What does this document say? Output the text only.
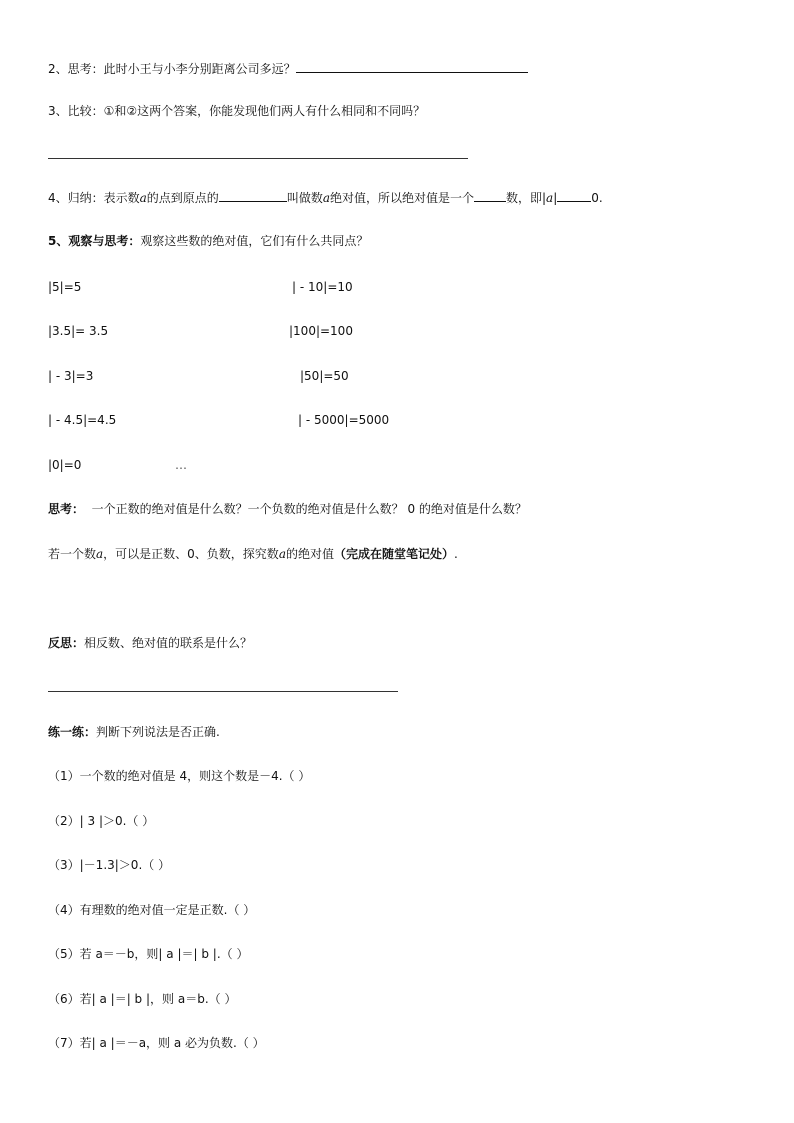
2、思考：此时小王与小李分别距离公司多远？
3、比较：①和②这两个答案，你能发现他们两人有什么相同和不同吗？
4、归纳：表示数a的点到原点的	叫做数a绝对值，所以绝对值是一个	数，即|a|	0.
5、观察与思考：观察这些数的绝对值，它们有什么共同点？
|5|=5	| - 10|=10
|3.5|= 3.5	|100|=100
| - 3|=3	|50|=50
| - 4.5|=4.5	| - 5000|=5000
|0|=0	…
思考： 一个正数的绝对值是什么数？一个负数的绝对值是什么数？ 0 的绝对值是什么数？
若一个数a，可以是正数、0、负数，探究数a的绝对值（完成在随堂笔记处）.
反思：相反数、绝对值的联系是什么？
练一练：判断下列说法是否正确.
（1）一个数的绝对值是 4，则这个数是－4.（ ）
（2）| 3 |＞0.（ ）
（3）|－1.3|＞0.（ ）
（4）有理数的绝对值一定是正数.（ ）
（5）若 a＝－b，则| a |＝| b |.（ ）
（6）若| a |＝| b |，则 a＝b.（ ）
（7）若| a |＝－a，则 a 必为负数.（ ）
